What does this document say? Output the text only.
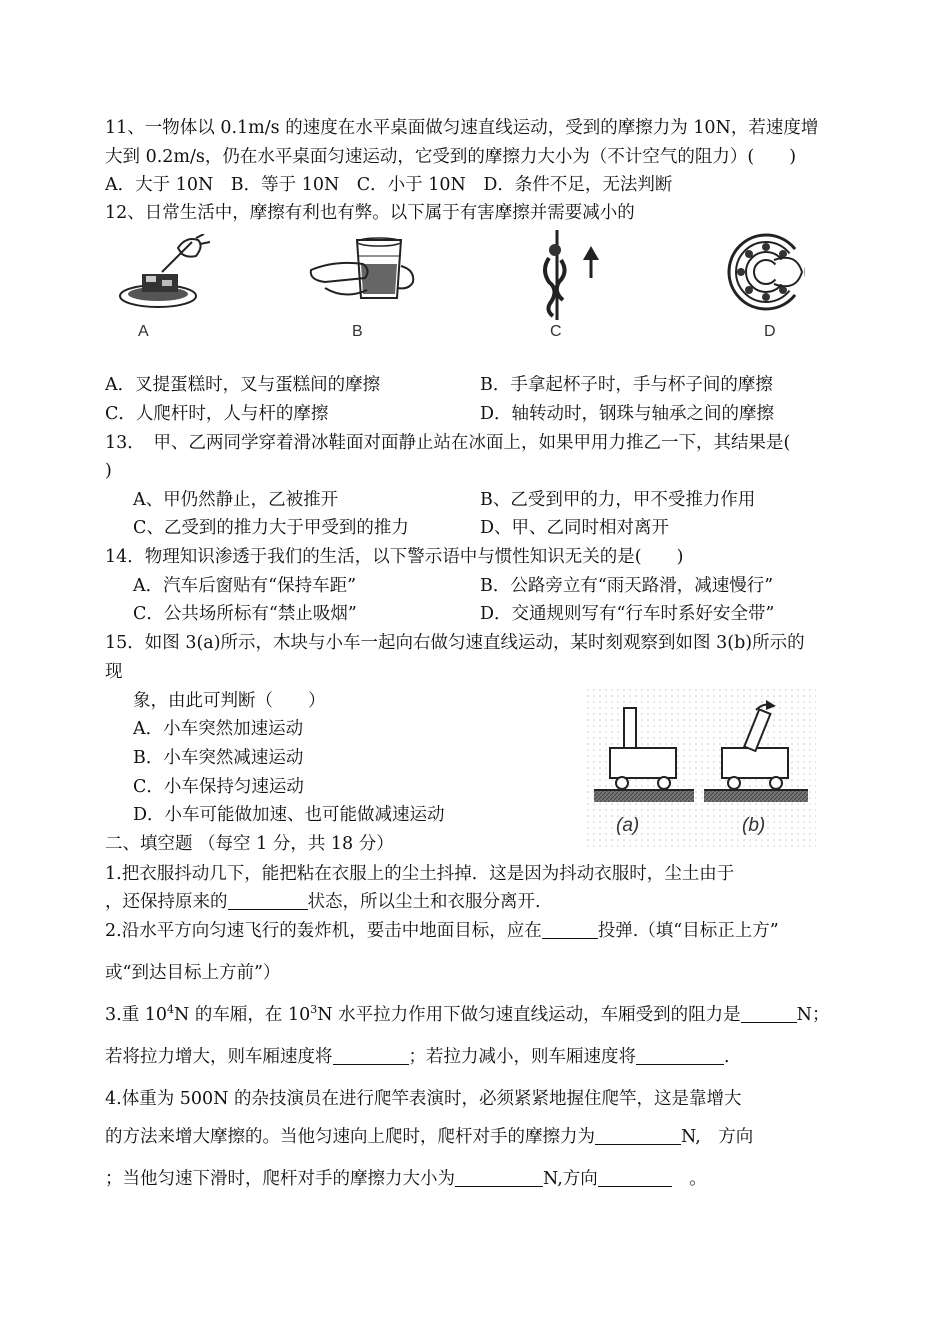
11、一物体以 0.1m/s 的速度在水平桌面做匀速直线运动，受到的摩擦力为 10N，若速度增
大到 0.2m/s，仍在水平桌面匀速运动，它受到的摩擦力大小为（不计空气的阻力）(　　)
A．大于 10N　B．等于 10N　C．小于 10N　D．条件不足，无法判断
12、日常生活中，摩擦有利也有弊。以下属于有害摩擦并需要减小的
A	B	C	D
A．叉提蛋糕时，叉与蛋糕间的摩擦	B．手拿起杯子时，手与杯子间的摩擦
C．人爬杆时，人与杆的摩擦	D．轴转动时，钢珠与轴承之间的摩擦
13．　甲、乙两同学穿着滑冰鞋面对面静止站在冰面上，如果甲用力推乙一下，其结果是(
)
A、甲仍然静止，乙被推开	B、乙受到甲的力，甲不受推力作用
C、乙受到的推力大于甲受到的推力	D、甲、乙同时相对离开
14．物理知识渗透于我们的生活，以下警示语中与惯性知识无关的是(　　)
A．汽车后窗贴有“保持车距”	B．公路旁立有“雨天路滑，减速慢行”
C．公共场所标有“禁止吸烟”	D．交通规则写有“行车时系好安全带”
15．如图 3(a)所示，木块与小车一起向右做匀速直线运动，某时刻观察到如图 3(b)所示的
现
象，由此可判断（　　）
A．小车突然加速运动
B．小车突然减速运动
C．小车保持匀速运动
D．小车可能做加速、也可能做减速运动	(a)	(b)
二、填空题 （每空 1 分，共 18 分）
1.把衣服抖动几下，能把粘在衣服上的尘土抖掉．这是因为抖动衣服时，尘土由于
，还保持原来的	状态，所以尘土和衣服分离开.
2.沿水平方向匀速飞行的轰炸机，要击中地面目标，应在	投弹.（填“目标正上方”
或“到达目标上方前”）
3.重 $10^4N$ 的车厢，在 $10^3N$ 水平拉力作用下做匀速直线运动，车厢受到的阻力是	N；
若将拉力增大，则车厢速度将	；若拉力减小，则车厢速度将	.
4.体重为 500N 的杂技演员在进行爬竿表演时，必须紧紧地握住爬竿，这是靠增大
的方法来增大摩擦的。当他匀速向上爬时，爬杆对手的摩擦力为	N,　方向
；当他匀速下滑时，爬杆对手的摩擦力大小为	N,方向	　。
